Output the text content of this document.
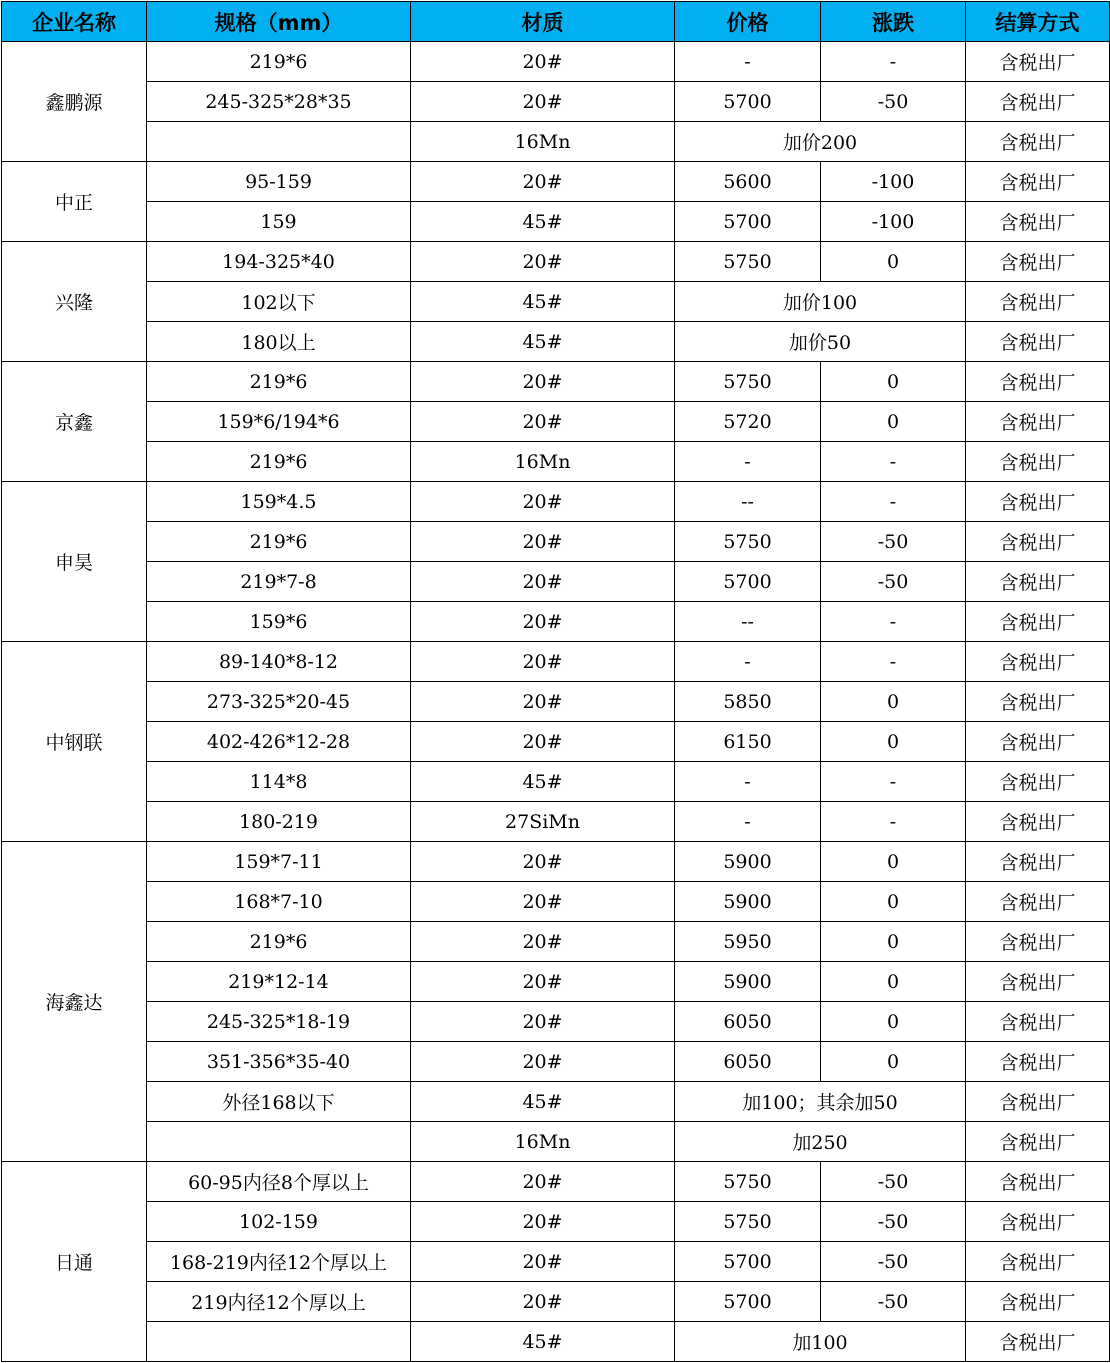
企业名称	规格（mm）	材质	价格	涨跌	结算方式
鑫鹏源	219*6	20#	-	-	含税出厂
	245-325*28*35	20#	5700	-50	含税出厂
		16Mn	加价200		含税出厂
中正	95-159	20#	5600	-100	含税出厂
	159	45#	5700	-100	含税出厂
兴隆	194-325*40	20#	5750	0	含税出厂
	102以下	45#	加价100		含税出厂
	180以上	45#	加价50		含税出厂
京鑫	219*6	20#	5750	0	含税出厂
	159*6/194*6	20#	5720	0	含税出厂
	219*6	16Mn	-	-	含税出厂
申昊	159*4.5	20#	--	-	含税出厂
	219*6	20#	5750	-50	含税出厂
	219*7-8	20#	5700	-50	含税出厂
	159*6	20#	--	-	含税出厂
中钢联	89-140*8-12	20#	-	-	含税出厂
	273-325*20-45	20#	5850	0	含税出厂
	402-426*12-28	20#	6150	0	含税出厂
	114*8	45#	-	-	含税出厂
	180-219	27SiMn	-	-	含税出厂
海鑫达	159*7-11	20#	5900	0	含税出厂
	168*7-10	20#	5900	0	含税出厂
	219*6	20#	5950	0	含税出厂
	219*12-14	20#	5900	0	含税出厂
	245-325*18-19	20#	6050	0	含税出厂
	351-356*35-40	20#	6050	0	含税出厂
	外径168以下	45#	加100；其余加50		含税出厂
		16Mn	加250		含税出厂
日通	60-95内径8个厚以上	20#	5750	-50	含税出厂
	102-159	20#	5750	-50	含税出厂
	168-219内径12个厚以上	20#	5700	-50	含税出厂
	219内径12个厚以上	20#	5700	-50	含税出厂
		45#	加100		含税出厂
